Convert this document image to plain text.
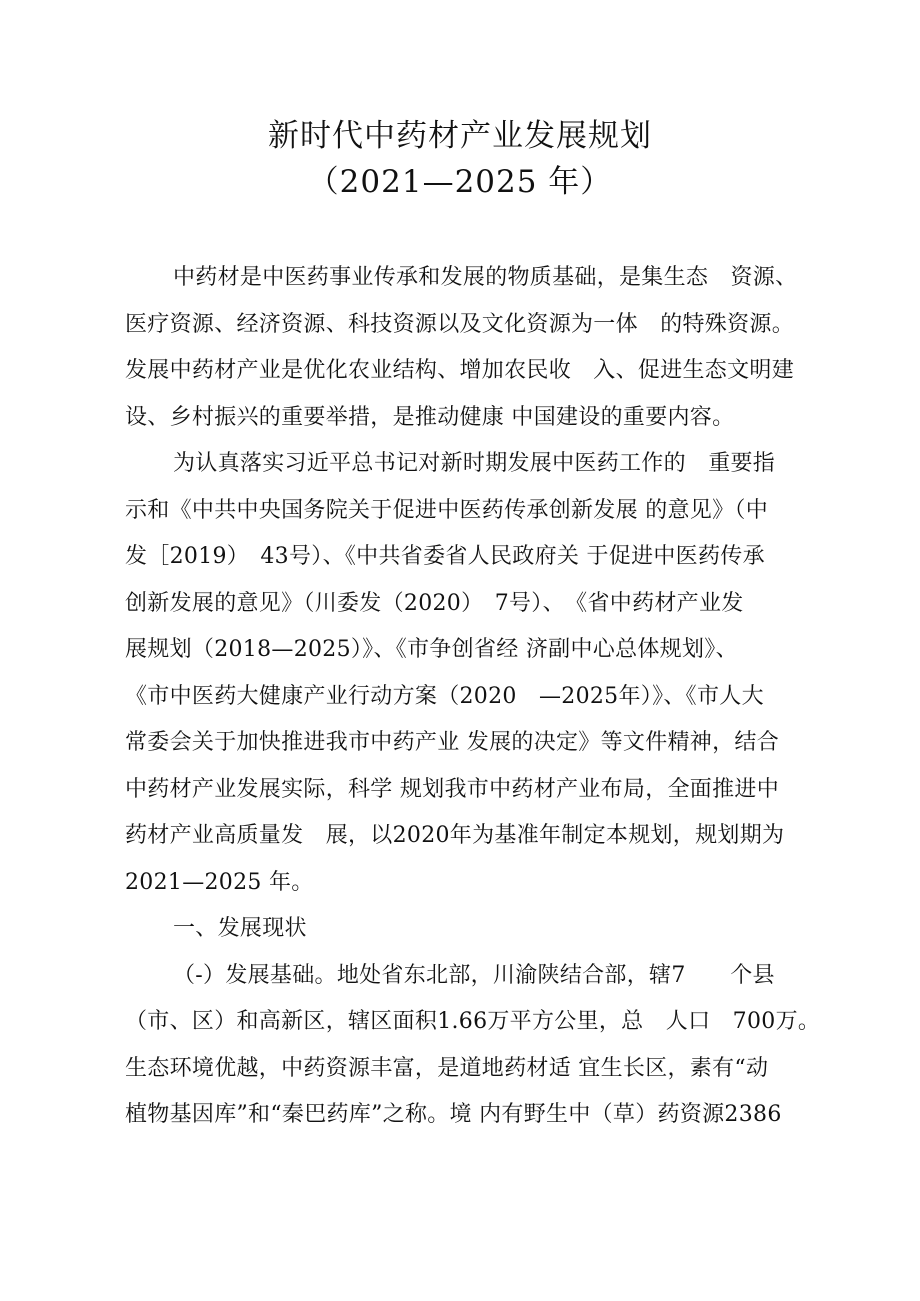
新时代中药材产业发展规划
（2021—2025 年）
中药材是中医药事业传承和发展的物质基础，是集生态　资源、
医疗资源、经济资源、科技资源以及文化资源为一体　的特殊资源。
发展中药材产业是优化农业结构、增加农民收　入、促进生态文明建
设、乡村振兴的重要举措，是推动健康 中国建设的重要内容。
为认真落实习近平总书记对新时期发展中医药工作的　重要指
示和《中共中央国务院关于促进中医药传承创新发展 的意见》（中
发［2019）　43号）、《中共省委省人民政府关 于促进中医药传承
创新发展的意见》（川委发（2020）　7号）、　《省中药材产业发
展规划（2018—2025）》、《市争创省经 济副中心总体规划》、
《市中医药大健康产业行动方案（2020　—2025年）》、《市人大
常委会关于加快推进我市中药产业 发展的决定》等文件精神，结合
中药材产业发展实际，科学 规划我市中药材产业布局，全面推进中
药材产业高质量发　展，以2020年为基准年制定本规划，规划期为
2021—2025 年。
一、发展现状
（-）发展基础。地处省东北部，川渝陕结合部，辖7　　个县
（市、区）和高新区，辖区面积1.66万平方公里，总　人口　700万。
生态环境优越，中药资源丰富，是道地药材适 宜生长区，素有“动
植物基因库”和“秦巴药库”之称。境 内有野生中（草）药资源2386
